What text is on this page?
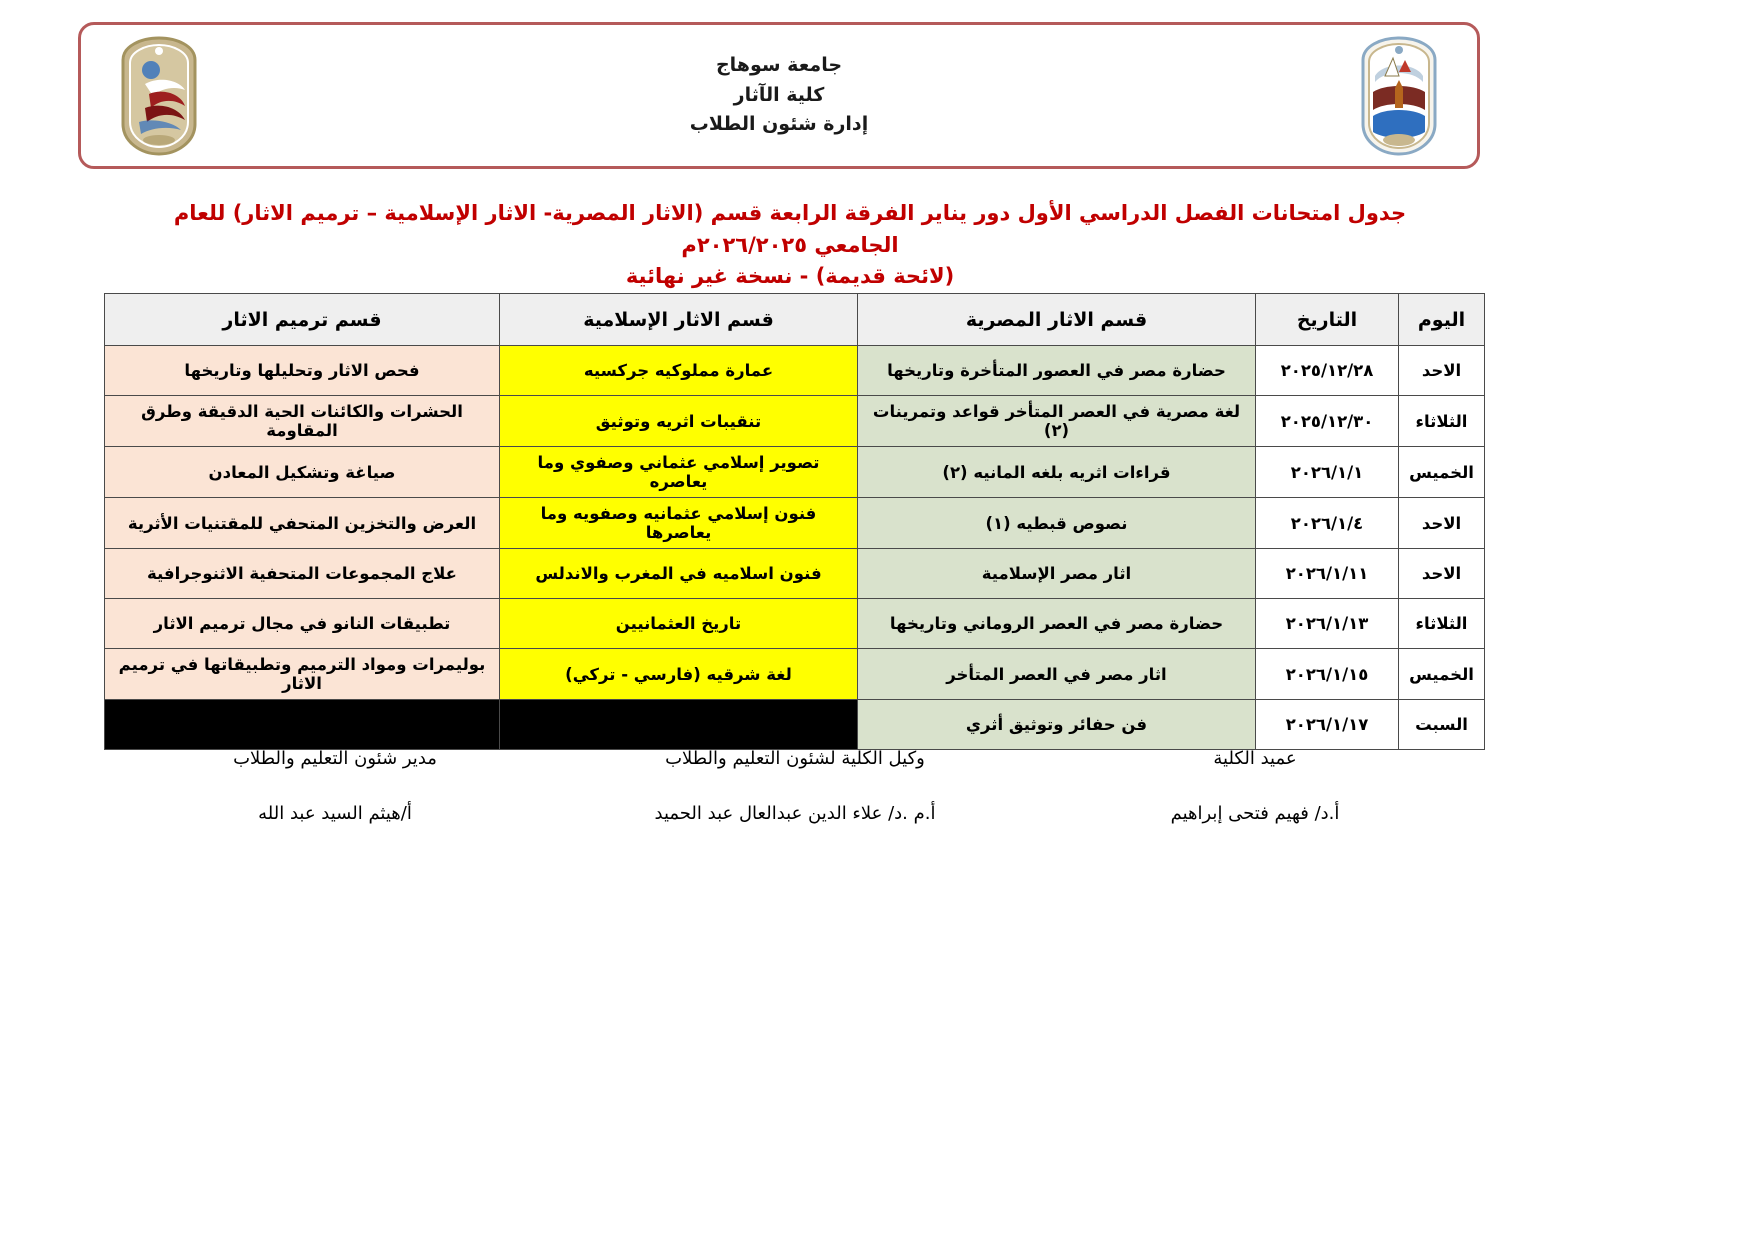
جامعة سوهاج
كلية الآثار
إدارة شئون الطلاب
جدول امتحانات الفصل الدراسي الأول دور يناير الفرقة الرابعة قسم (الاثار المصرية- الاثار الإسلامية – ترميم الاثار) للعام الجامعي ٢٠٢٦/٢٠٢٥م
(لائحة قديمة) - نسخة غير نهائية
اليوم	التاريخ	قسم الاثار المصرية	قسم الاثار الإسلامية	قسم ترميم الاثار
الاحد	٢٠٢٥/١٢/٢٨	حضارة مصر في العصور المتأخرة وتاريخها	عمارة مملوكيه جركسيه	فحص الاثار وتحليلها وتاريخها
الثلاثاء	٢٠٢٥/١٢/٣٠	لغة مصرية في العصر المتأخر قواعد وتمرينات (٢)	تنقيبات اثريه وتوثيق	الحشرات والكائنات الحية الدقيقة وطرق المقاومة
الخميس	٢٠٢٦/١/١	قراءات اثريه بلغه المانيه (٢)	تصوير إسلامي عثماني وصفوي وما يعاصره	صياغة وتشكيل المعادن
الاحد	٢٠٢٦/١/٤	نصوص قبطيه (١)	فنون إسلامي عثمانيه وصفويه وما يعاصرها	العرض والتخزين المتحفي للمقتنيات الأثرية
الاحد	٢٠٢٦/١/١١	اثار مصر الإسلامية	فنون اسلاميه في المغرب والاندلس	علاج المجموعات المتحفية الاثنوجرافية
الثلاثاء	٢٠٢٦/١/١٣	حضارة مصر في العصر الروماني وتاريخها	تاريخ العثمانيين	تطبيقات النانو في مجال ترميم الاثار
الخميس	٢٠٢٦/١/١٥	اثار مصر في العصر المتأخر	لغة شرقيه (فارسي - تركي)	بوليمرات ومواد الترميم وتطبيقاتها في ترميم الاثار
السبت	٢٠٢٦/١/١٧	فن حفائر وتوثيق أثري		
مدير شئون التعليم والطلاب
أ/هيثم السيد عبد الله
وكيل الكلية لشئون التعليم والطلاب
أ.م .د/ علاء الدين عبدالعال عبد الحميد
عميد الكلية
أ.د/ فهيم فتحى إبراهيم
